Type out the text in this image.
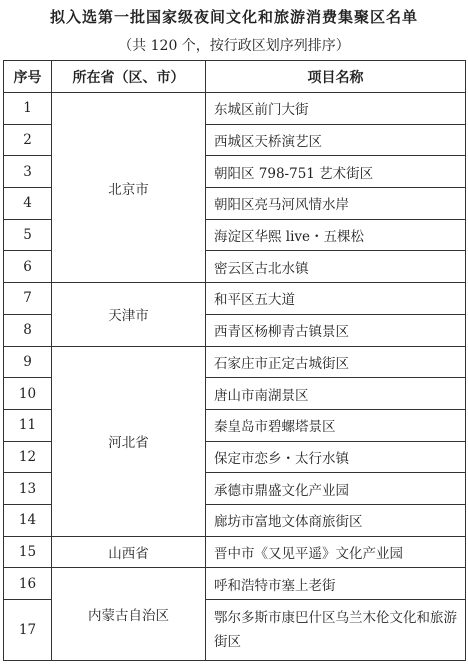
拟入选第一批国家级夜间文化和旅游消费集聚区名单
（共 120 个，按行政区划序列排序）
序号	所在省（区、市）	项目名称
1	北京市	东城区前门大街
2		西城区天桥演艺区
3		朝阳区 798-751 艺术街区
4		朝阳区亮马河风情水岸
5		海淀区华熙 live・五棵松
6		密云区古北水镇
7	天津市	和平区五大道
8		西青区杨柳青古镇景区
9	河北省	石家庄市正定古城街区
10		唐山市南湖景区
11		秦皇岛市碧螺塔景区
12		保定市恋乡・太行水镇
13		承德市鼎盛文化产业园
14		廊坊市富地文体商旅街区
15	山西省	晋中市《又见平遥》文化产业园
16	内蒙古自治区	呼和浩特市塞上老街
17		鄂尔多斯市康巴什区乌兰木伦文化和旅游街区
